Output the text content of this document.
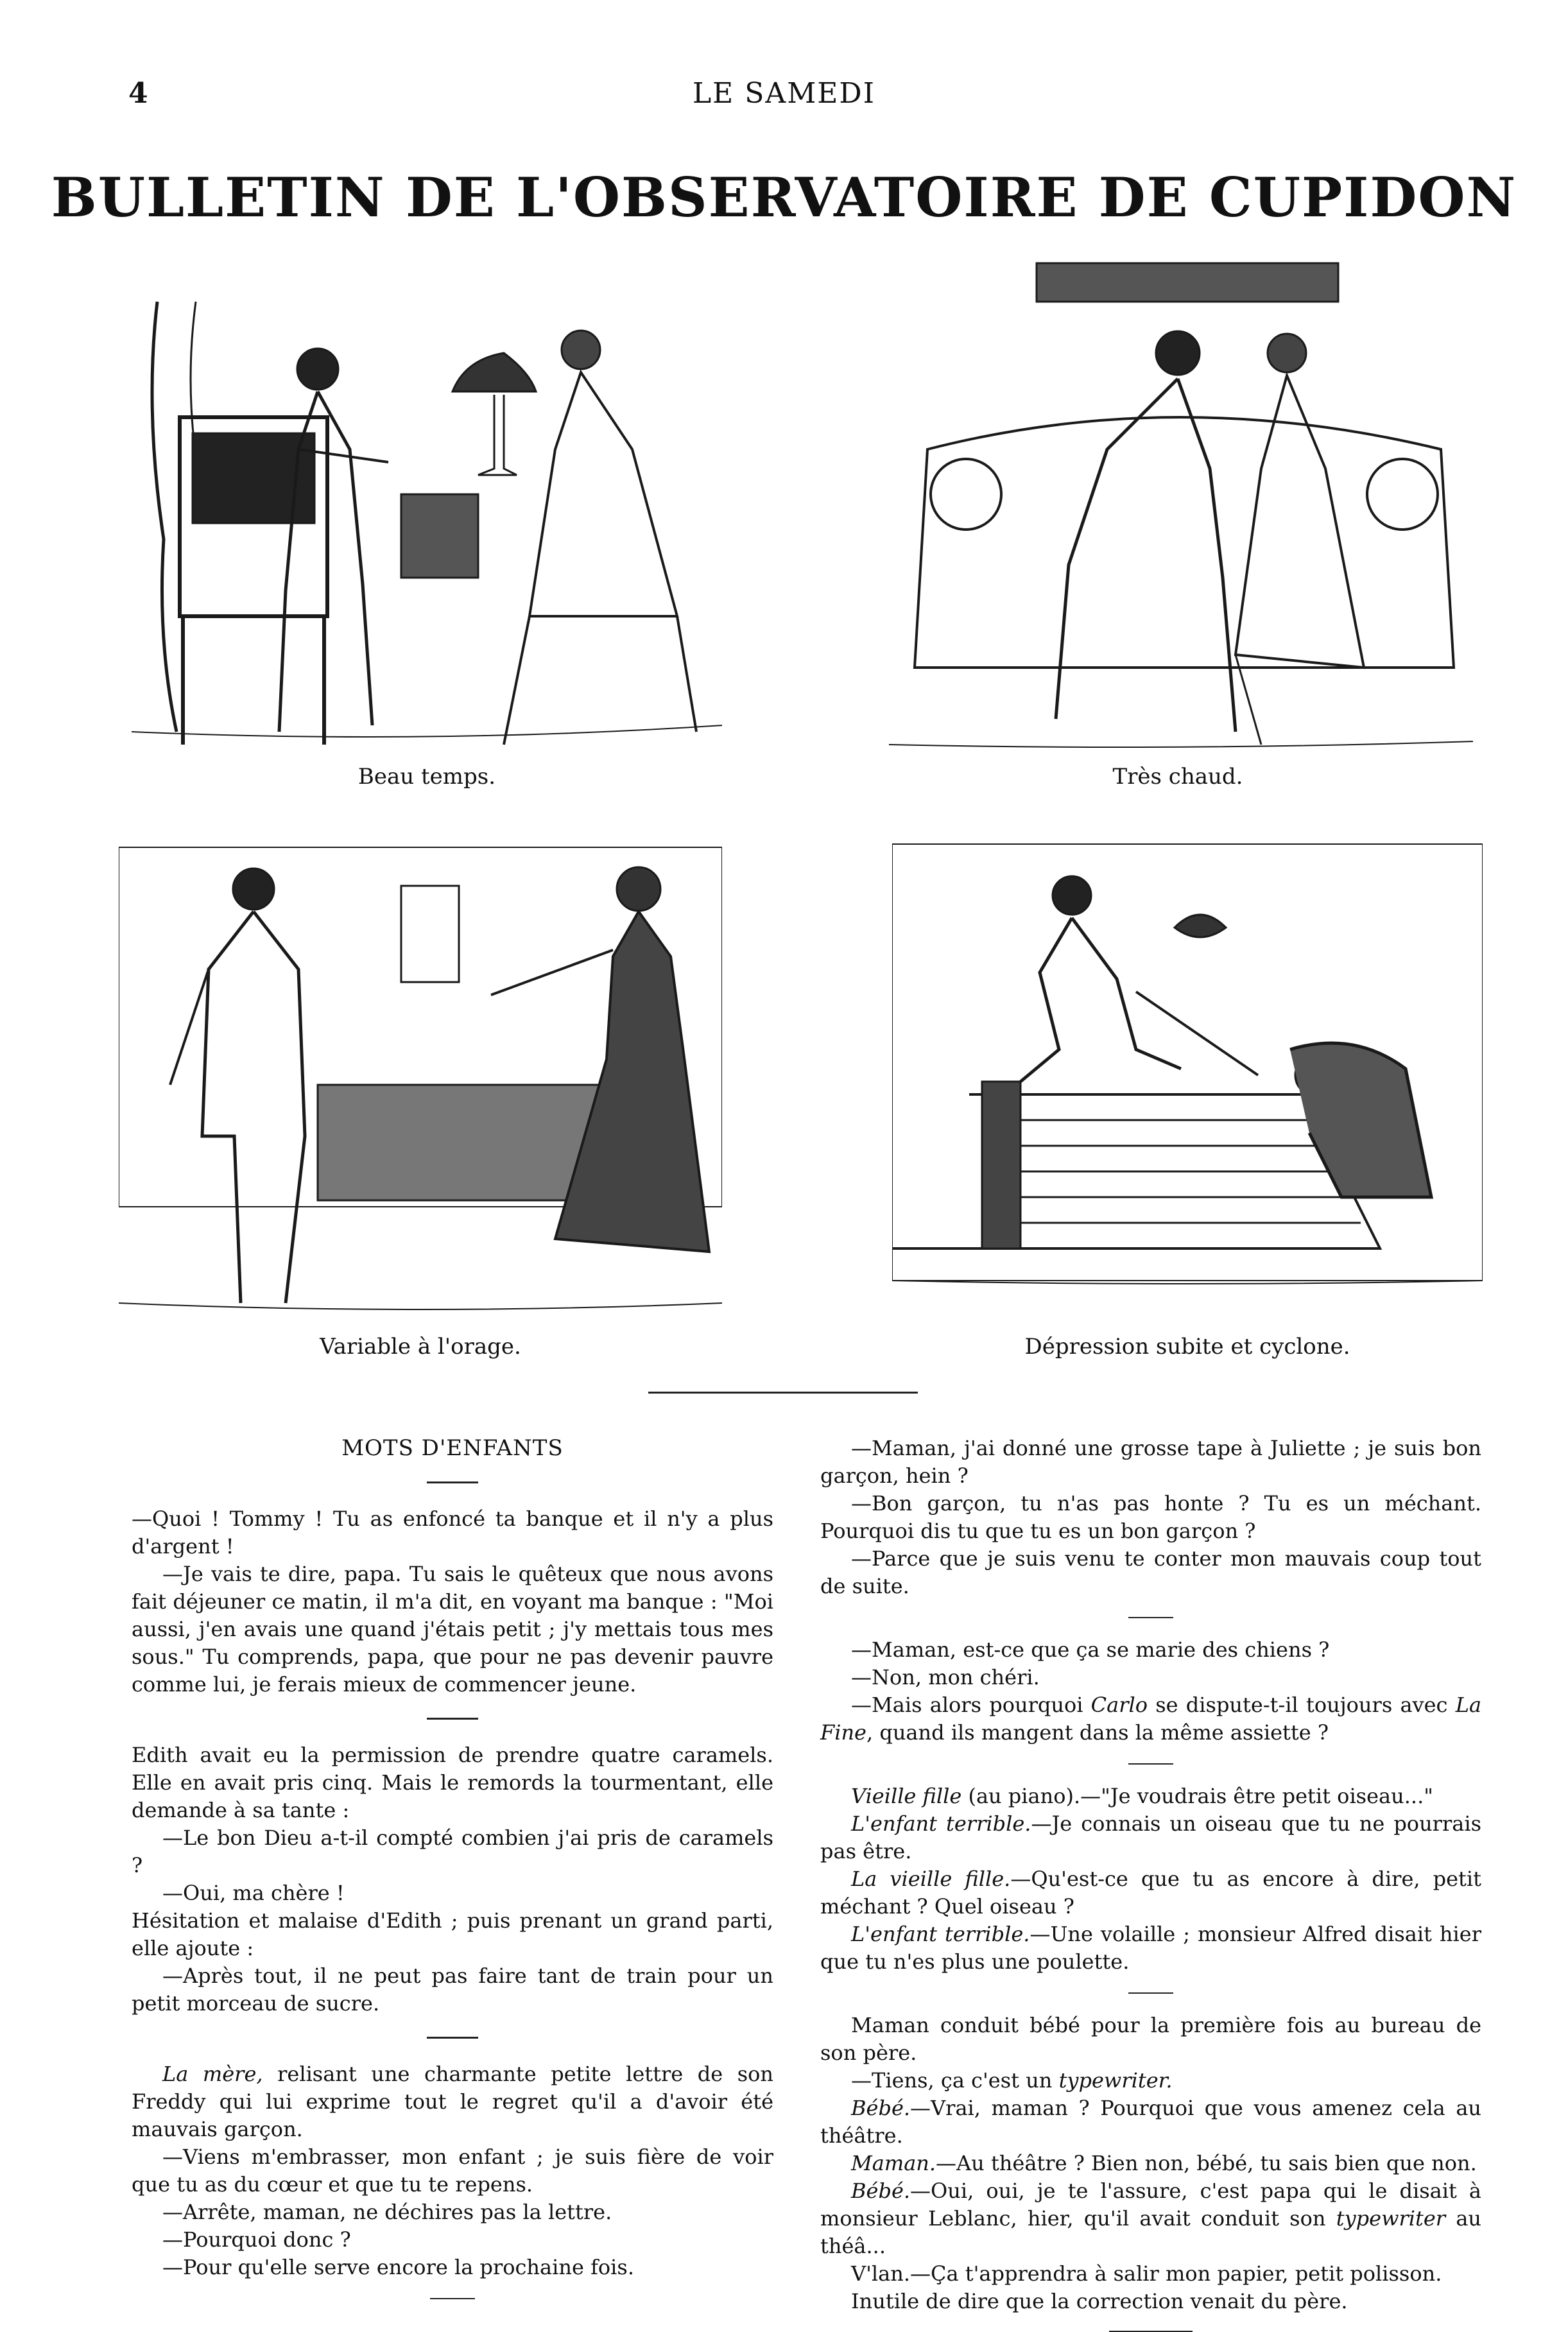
4	LE SAMEDI
BULLETIN DE L'OBSERVATOIRE DE CUPIDON
Beau temps.	Très chaud.
Variable à l'orage.	Dépression subite et cyclone.
MOTS D'ENFANTS

—Quoi ! Tommy ! Tu as enfoncé ta banque et il n'y a plus d'argent !

—Je vais te dire, papa. Tu sais le quêteux que nous avons fait déjeuner ce matin, il m'a dit, en voyant ma banque : "Moi aussi, j'en avais une quand j'étais petit ; j'y mettais tous mes sous." Tu comprends, papa, que pour ne pas devenir pauvre comme lui, je ferais mieux de commencer jeune.

Edith avait eu la permission de prendre quatre caramels. Elle en avait pris cinq. Mais le remords la tourmentant, elle demande à sa tante :

—Le bon Dieu a-t-il compté combien j'ai pris de caramels ?

—Oui, ma chère !

Hésitation et malaise d'Edith ; puis prenant un grand parti, elle ajoute :

—Après tout, il ne peut pas faire tant de train pour un petit morceau de sucre.

La mère, relisant une charmante petite lettre de son Freddy qui lui exprime tout le regret qu'il a d'avoir été mauvais garçon.

—Viens m'embrasser, mon enfant ; je suis fière de voir que tu as du cœur et que tu te repens.

—Arrête, maman, ne déchires pas la lettre.

—Pourquoi donc ?

—Pour qu'elle serve encore la prochaine fois.

—Maman, j'ai donné une grosse tape à Juliette ; je suis bon garçon, hein ?

—Bon garçon, tu n'as pas honte ? Tu es un méchant. Pourquoi dis tu que tu es un bon garçon ?

—Parce que je suis venu te conter mon mauvais coup tout de suite.

—Maman, est-ce que ça se marie des chiens ?

—Non, mon chéri.

—Mais alors pourquoi Carlo se dispute-t-il toujours avec La Fine, quand ils mangent dans la même assiette ?

Vieille fille (au piano).—"Je voudrais être petit oiseau..."

L'enfant terrible.—Je connais un oiseau que tu ne pourrais pas être.

La vieille fille.—Qu'est-ce que tu as encore à dire, petit méchant ? Quel oiseau ?

L'enfant terrible.—Une volaille ; monsieur Alfred disait hier que tu n'es plus une poulette.

Maman conduit bébé pour la première fois au bureau de son père.

—Tiens, ça c'est un typewriter.

Bébé.—Vrai, maman ? Pourquoi que vous amenez cela au théâtre.

Maman.—Au théâtre ? Bien non, bébé, tu sais bien que non.

Bébé.—Oui, oui, je te l'assure, c'est papa qui le disait à monsieur Leblanc, hier, qu'il avait conduit son typewriter au théâ...

V'lan.—Ça t'apprendra à salir mon papier, petit polisson.

Inutile de dire que la correction venait du père.
